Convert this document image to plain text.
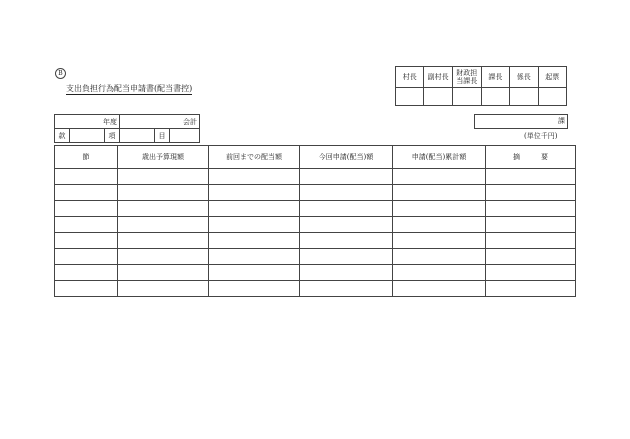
B
支出負担行為配当申請書(配当書控)
村長	副村長	財政担当課長	課長	係長	起票

年度			会計		
款		項		目	
課
(単位千円)
節	歳出予算現額	前回までの配当額	今回申請(配当)額	申請(配当)累計額	摘　　　要
